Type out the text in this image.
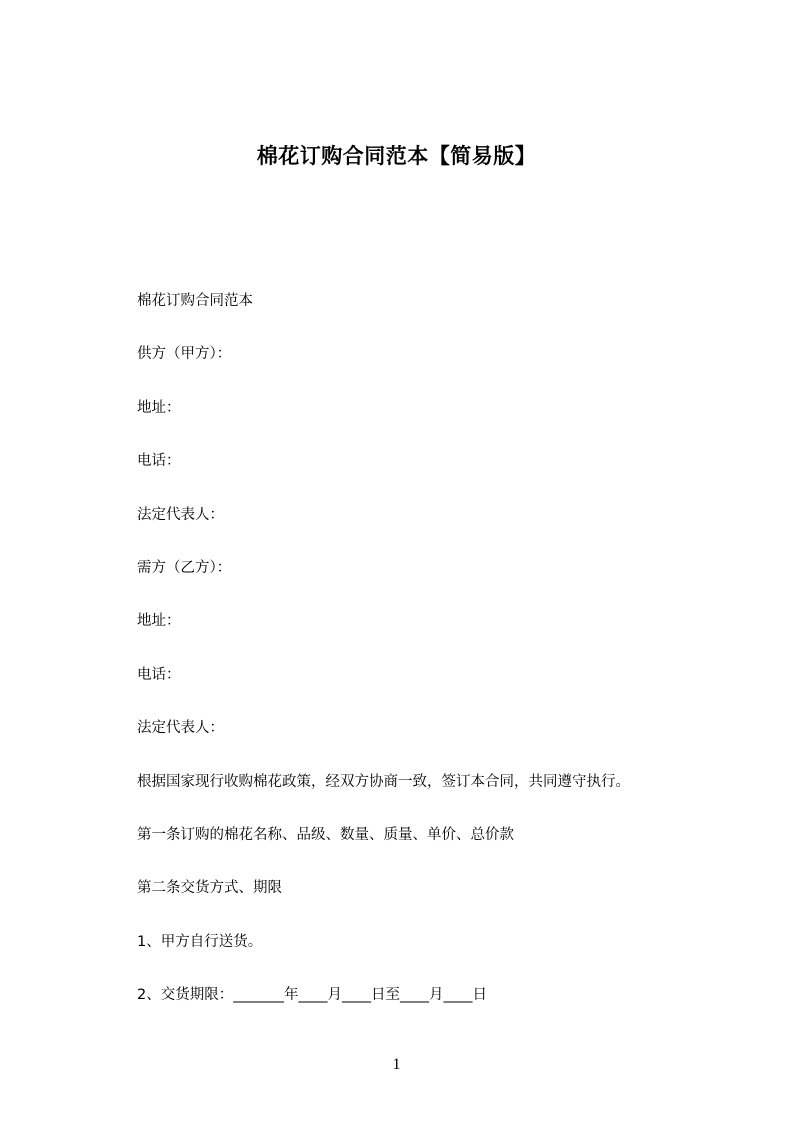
棉花订购合同范本【简易版】
棉花订购合同范本
供方（甲方）：
地址：
电话：
法定代表人：
需方（乙方）：
地址：
电话：
法定代表人：
根据国家现行收购棉花政策，经双方协商一致，签订本合同，共同遵守执行。
第一条订购的棉花名称、品级、数量、质量、单价、总价款
第二条交货方式、期限
1、甲方自行送货。
2、交货期限：_______年____月____日至____月____日
1
